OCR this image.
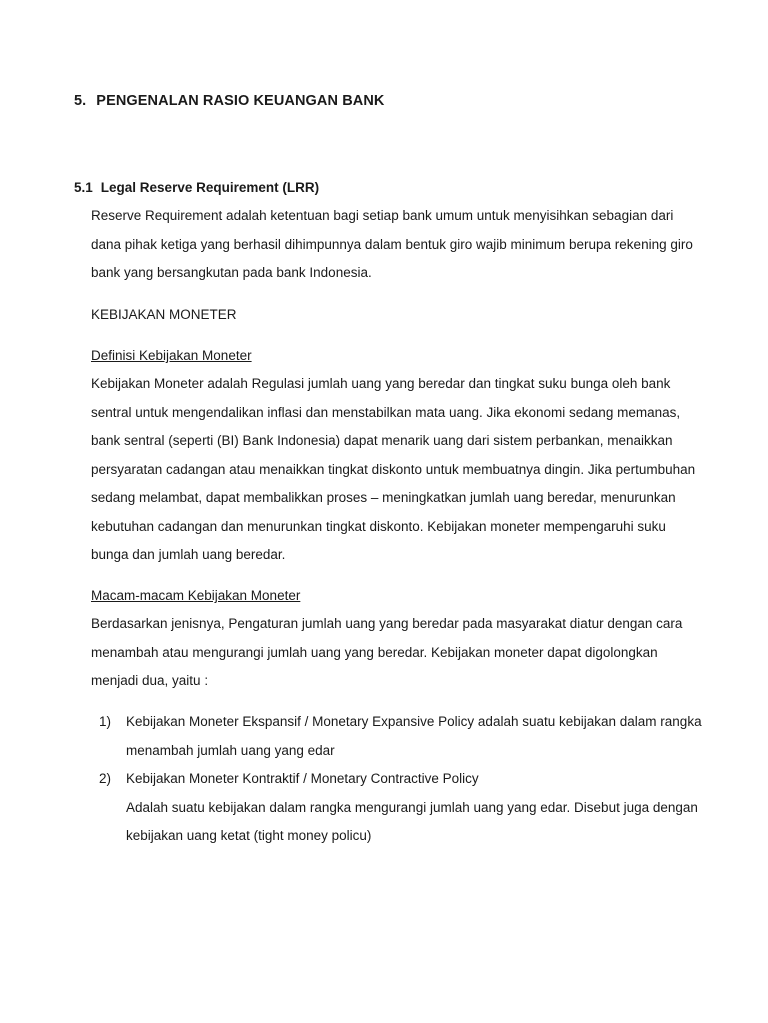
5. PENGENALAN RASIO KEUANGAN BANK
5.1 Legal Reserve Requirement (LRR)

Reserve Requirement adalah ketentuan bagi setiap bank umum untuk menyisihkan sebagian dari

dana pihak ketiga yang berhasil dihimpunnya dalam bentuk giro wajib minimum berupa rekening giro

bank yang bersangkutan pada bank Indonesia.

KEBIJAKAN MONETER
Definisi Kebijakan Moneter

Kebijakan Moneter adalah Regulasi jumlah uang yang beredar dan tingkat suku bunga oleh bank

sentral untuk mengendalikan inflasi dan menstabilkan mata uang. Jika ekonomi sedang memanas,

bank sentral (seperti (BI) Bank Indonesia) dapat menarik uang dari sistem perbankan, menaikkan

persyaratan cadangan atau menaikkan tingkat diskonto untuk membuatnya dingin. Jika pertumbuhan

sedang melambat, dapat membalikkan proses – meningkatkan jumlah uang beredar, menurunkan

kebutuhan cadangan dan menurunkan tingkat diskonto. Kebijakan moneter mempengaruhi suku

bunga dan jumlah uang beredar.

Macam-macam Kebijakan Moneter

Berdasarkan jenisnya, Pengaturan jumlah uang yang beredar pada masyarakat diatur dengan cara

menambah atau mengurangi jumlah uang yang beredar. Kebijakan moneter dapat digolongkan

menjadi dua, yaitu :

1)	Kebijakan Moneter Ekspansif / Monetary Expansive Policy adalah suatu kebijakan dalam rangka

menambah jumlah uang yang edar

2)	Kebijakan Moneter Kontraktif / Monetary Contractive Policy

Adalah suatu kebijakan dalam rangka mengurangi jumlah uang yang edar. Disebut juga dengan

kebijakan uang ketat (tight money policu)
